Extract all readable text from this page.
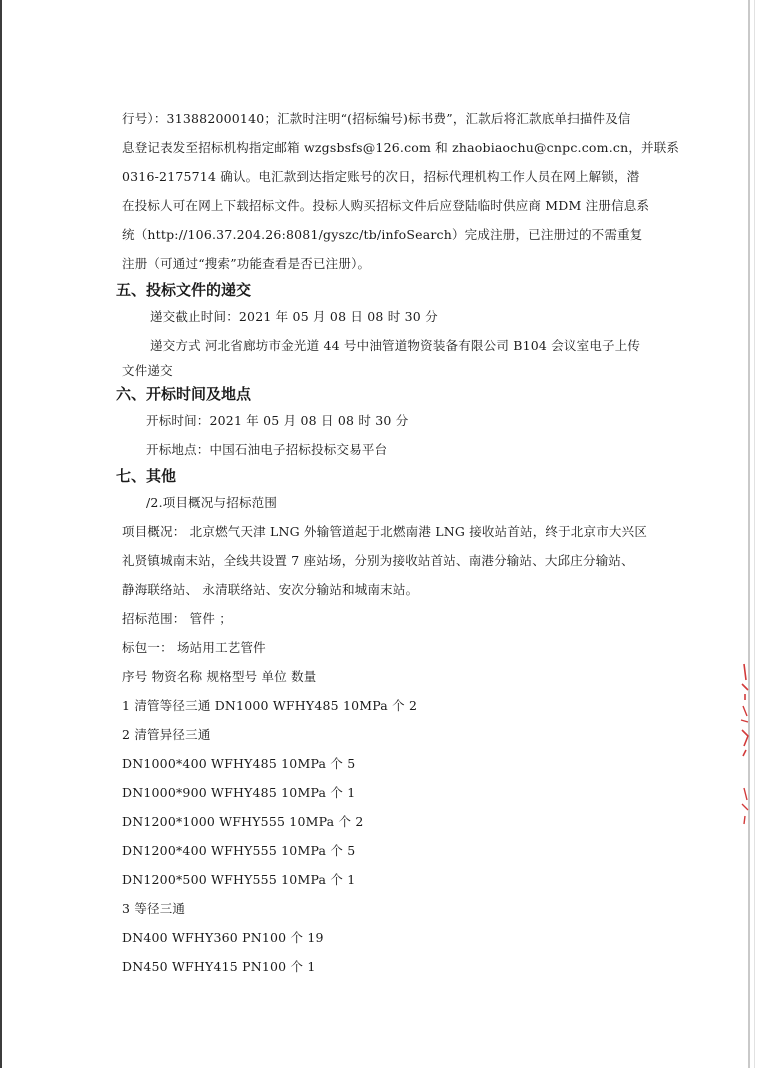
行号）：313882000140；汇款时注明“(招标编号)标书费”，汇款后将汇款底单扫描件及信
息登记表发至招标机构指定邮箱 wzgsbsfs@126.com 和 zhaobiaochu@cnpc.com.cn，并联系
0316-2175714 确认。电汇款到达指定账号的次日，招标代理机构工作人员在网上解锁，潜
在投标人可在网上下载招标文件。投标人购买招标文件后应登陆临时供应商 MDM 注册信息系
统（http://106.37.204.26:8081/gyszc/tb/infoSearch）完成注册，已注册过的不需重复
注册（可通过“搜索”功能查看是否已注册）。
五、投标文件的递交
递交截止时间：2021 年 05 月 08 日 08 时 30 分
递交方式 河北省廊坊市金光道 44 号中油管道物资装备有限公司 B104 会议室电子上传
文件递交
六、开标时间及地点
开标时间：2021 年 05 月 08 日 08 时 30 分
开标地点：中国石油电子招标投标交易平台
七、其他
/2.项目概况与招标范围
项目概况： 北京燃气天津 LNG 外输管道起于北燃南港 LNG 接收站首站，终于北京市大兴区
礼贤镇城南末站，全线共设置 7 座站场，分别为接收站首站、南港分输站、大邱庄分输站、
静海联络站、 永清联络站、安次分输站和城南末站。
招标范围： 管件 ；
标包一： 场站用工艺管件
序号 物资名称 规格型号 单位 数量
1 清管等径三通 DN1000 WFHY485 10MPa 个 2
2 清管异径三通
DN1000*400 WFHY485 10MPa 个 5
DN1000*900 WFHY485 10MPa 个 1
DN1200*1000 WFHY555 10MPa 个 2
DN1200*400 WFHY555 10MPa 个 5
DN1200*500 WFHY555 10MPa 个 1
3 等径三通
DN400 WFHY360 PN100 个 19
DN450 WFHY415 PN100 个 1
